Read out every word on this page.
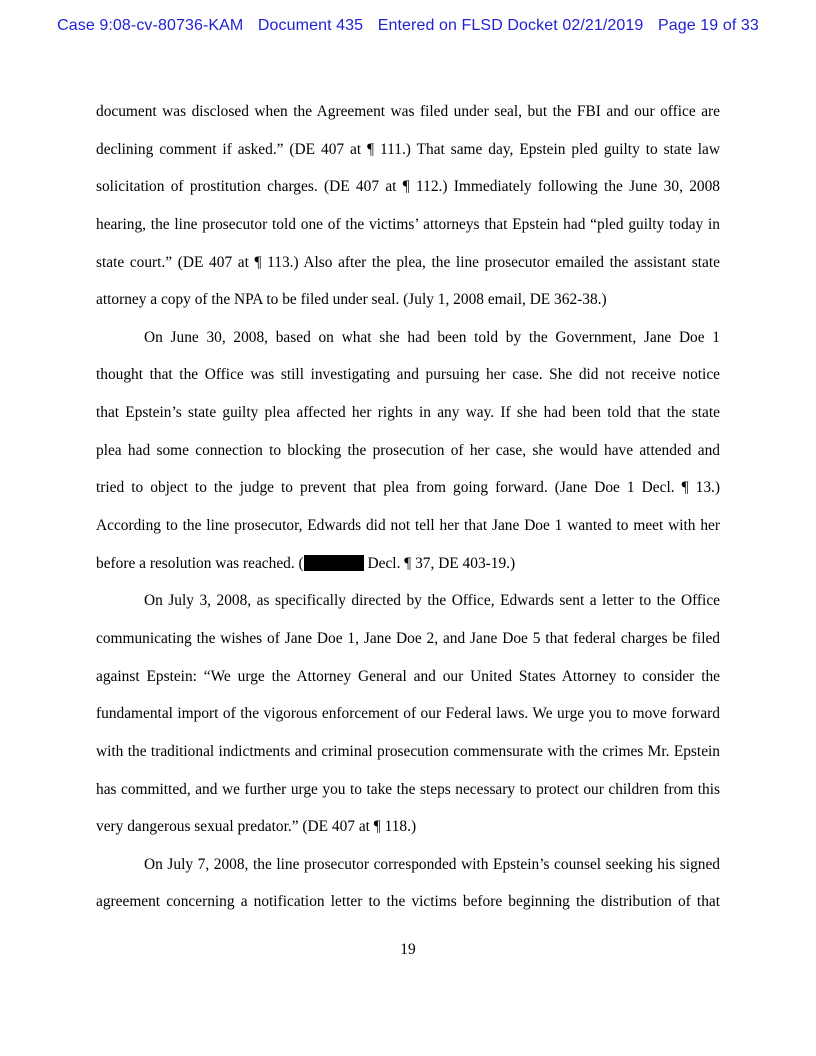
Case 9:08-cv-80736-KAM Document 435 Entered on FLSD Docket 02/21/2019 Page 19 of 33
document was disclosed when the Agreement was filed under seal, but the FBI and our office are
declining comment if asked.” (DE 407 at ¶ 111.) That same day, Epstein pled guilty to state law
solicitation of prostitution charges. (DE 407 at ¶ 112.) Immediately following the June 30, 2008
hearing, the line prosecutor told one of the victims’ attorneys that Epstein had “pled guilty today in
state court.” (DE 407 at ¶ 113.) Also after the plea, the line prosecutor emailed the assistant state
attorney a copy of the NPA to be filed under seal. (July 1, 2008 email, DE 362-38.)
On June 30, 2008, based on what she had been told by the Government, Jane Doe 1
thought that the Office was still investigating and pursuing her case. She did not receive notice
that Epstein’s state guilty plea affected her rights in any way. If she had been told that the state
plea had some connection to blocking the prosecution of her case, she would have attended and
tried to object to the judge to prevent that plea from going forward. (Jane Doe 1 Decl. ¶ 13.)
According to the line prosecutor, Edwards did not tell her that Jane Doe 1 wanted to meet with her
before a resolution was reached. (	Decl. ¶ 37, DE 403-19.)
On July 3, 2008, as specifically directed by the Office, Edwards sent a letter to the Office
communicating the wishes of Jane Doe 1, Jane Doe 2, and Jane Doe 5 that federal charges be filed
against Epstein: “We urge the Attorney General and our United States Attorney to consider the
fundamental import of the vigorous enforcement of our Federal laws. We urge you to move forward
with the traditional indictments and criminal prosecution commensurate with the crimes Mr. Epstein
has committed, and we further urge you to take the steps necessary to protect our children from this
very dangerous sexual predator.” (DE 407 at ¶ 118.)
On July 7, 2008, the line prosecutor corresponded with Epstein’s counsel seeking his signed
agreement concerning a notification letter to the victims before beginning the distribution of that
19
